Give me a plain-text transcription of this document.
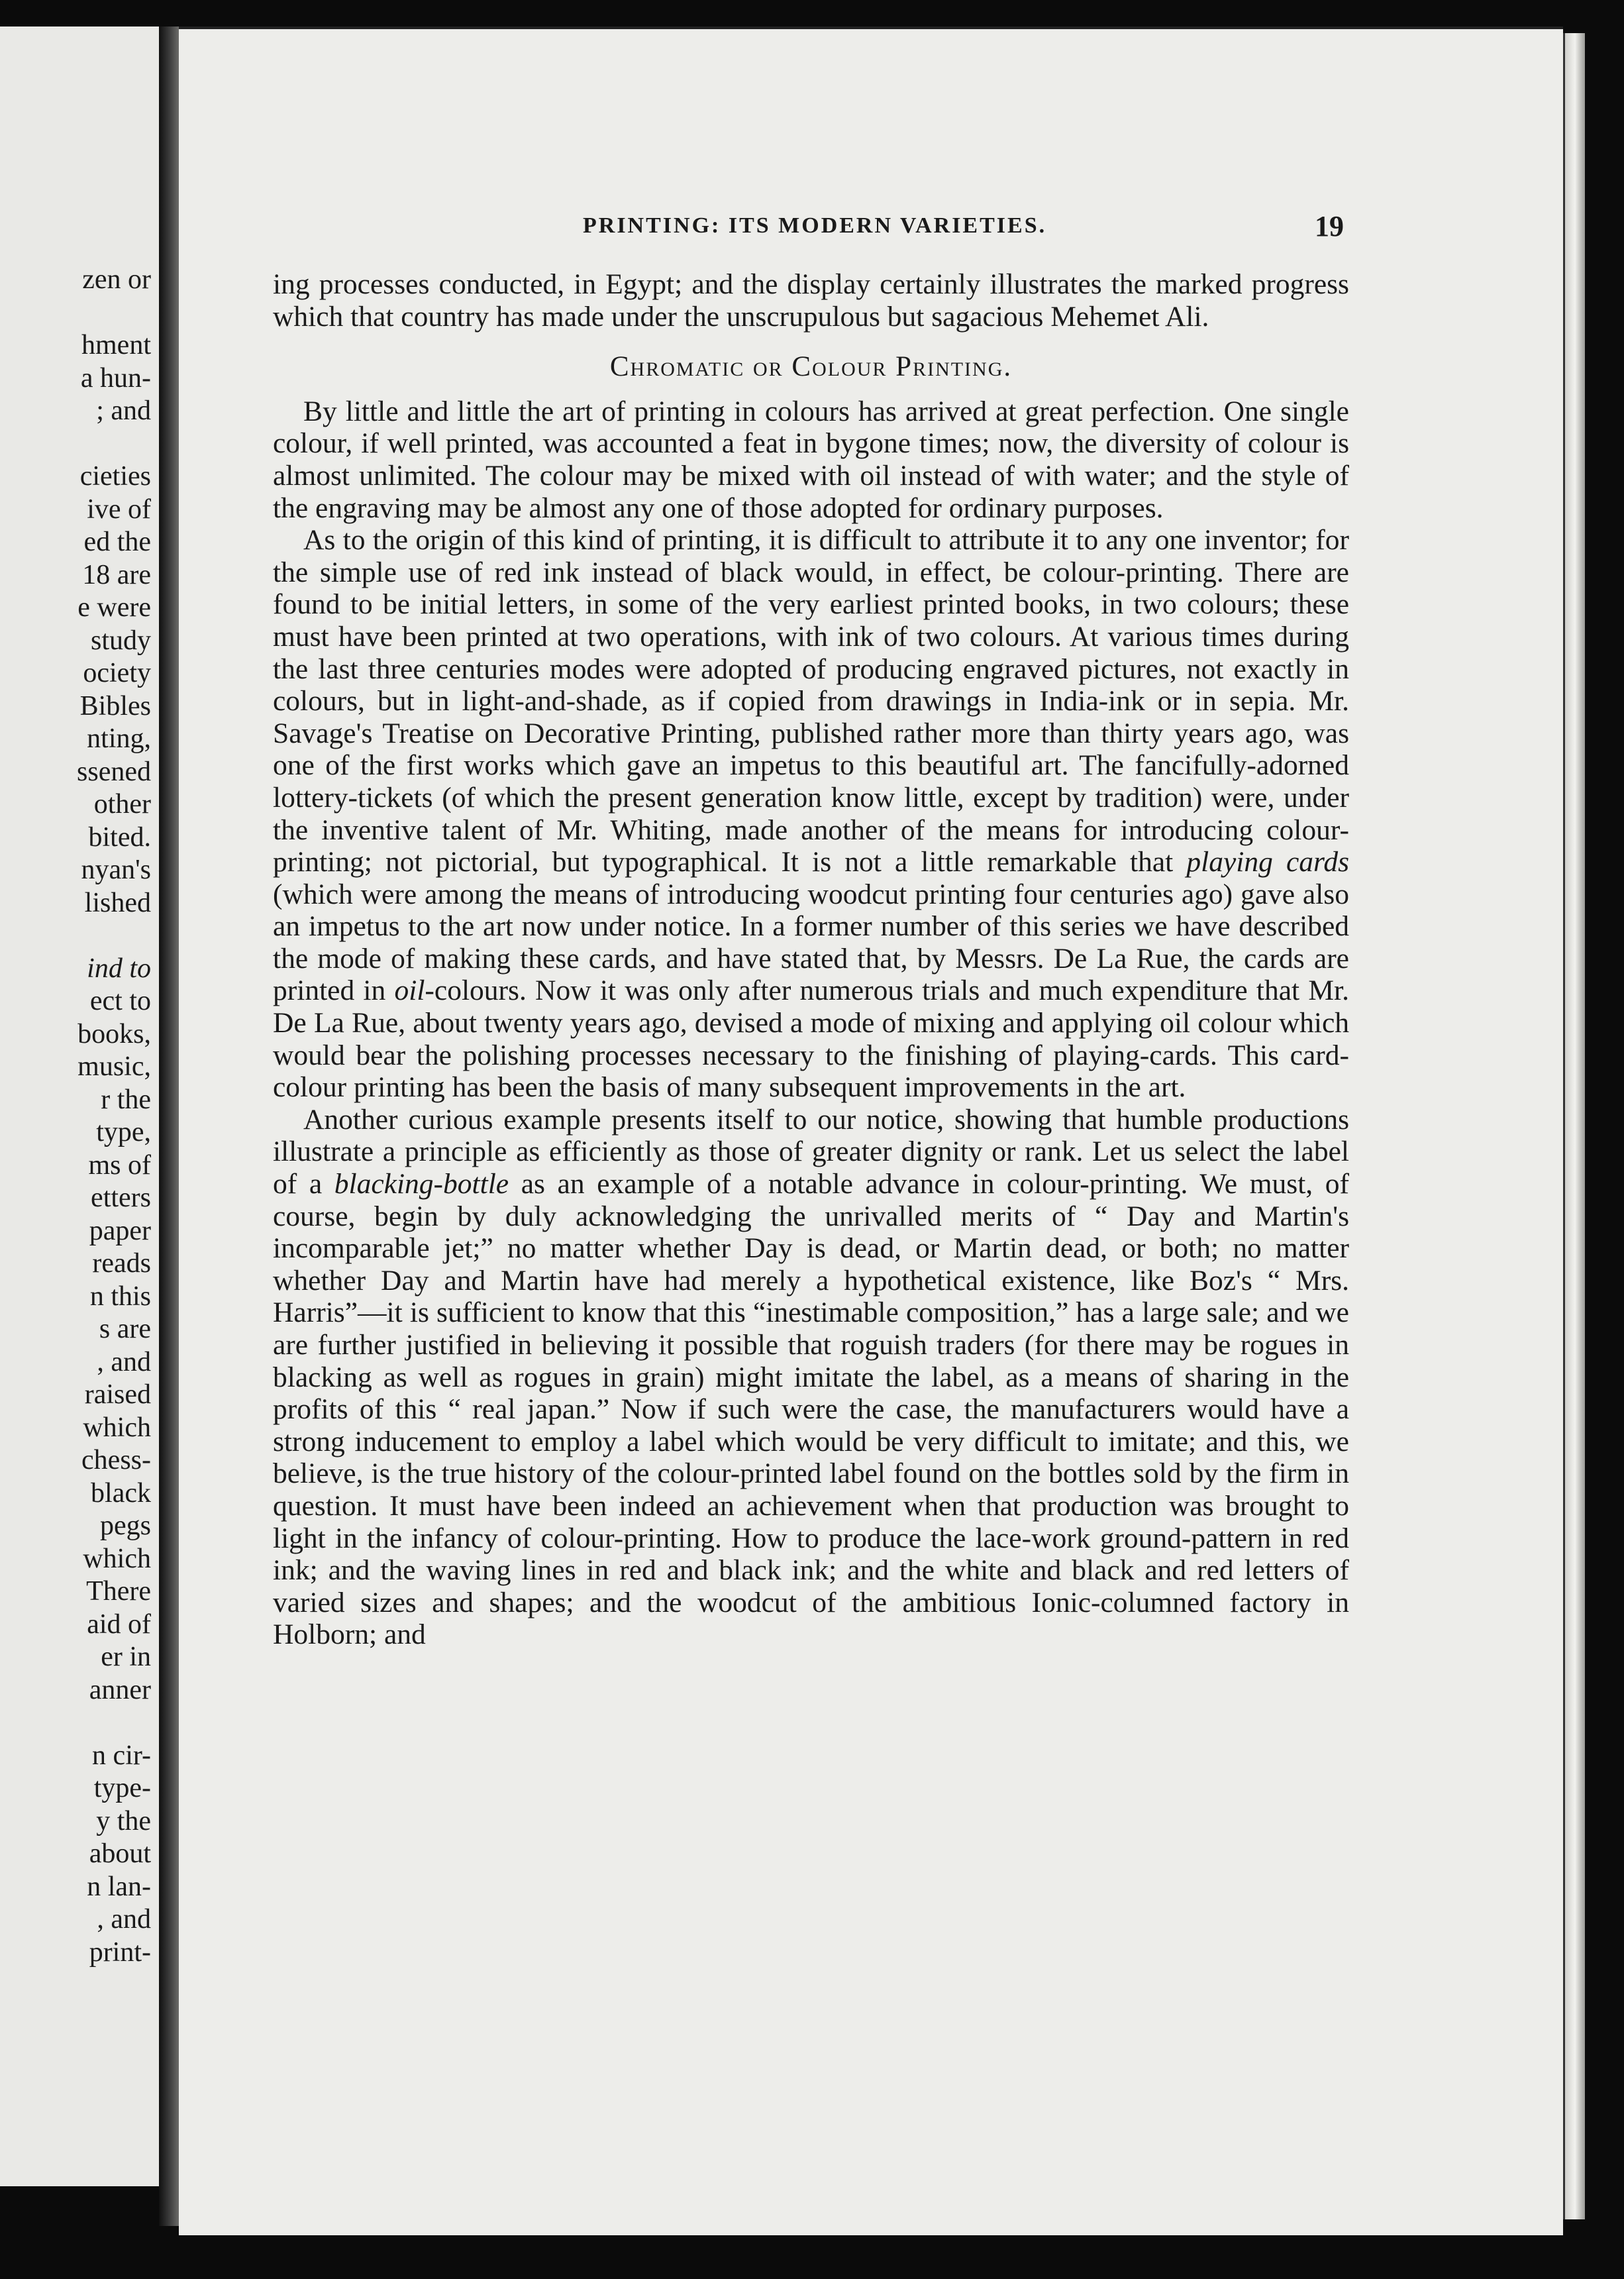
zen or
hment
a hun-
; and
cieties
ive of
ed the
18 are
e were
study
ociety
Bibles
nting,
ssened
other
bited.
nyan's
lished
ind to
ect to
books,
music,
r the
type,
ms of
etters
paper
reads
n this
s are
, and
raised
which
chess-
black
pegs
which
There
aid of
er in
anner
n cir-
type-
y the
about
n lan-
, and
print-
PRINTING: ITS MODERN VARIETIES.	19

ing processes conducted, in Egypt; and the display certainly illustrates the marked progress which that country has made under the unscrupulous but sagacious Mehemet Ali.

Chromatic or Colour Printing.

By little and little the art of printing in colours has arrived at great perfection. One single colour, if well printed, was accounted a feat in bygone times; now, the diversity of colour is almost unlimited. The colour may be mixed with oil instead of with water; and the style of the engraving may be almost any one of those adopted for ordinary purposes.

As to the origin of this kind of printing, it is difficult to attribute it to any one inventor; for the simple use of red ink instead of black would, in effect, be colour-printing. There are found to be initial letters, in some of the very earliest printed books, in two colours; these must have been printed at two operations, with ink of two colours. At various times during the last three centuries modes were adopted of producing engraved pictures, not exactly in colours, but in light-and-shade, as if copied from drawings in India-ink or in sepia. Mr. Savage's Treatise on Decorative Printing, published rather more than thirty years ago, was one of the first works which gave an impetus to this beautiful art. The fancifully-adorned lottery-tickets (of which the present generation know little, except by tradition) were, under the inventive talent of Mr. Whiting, made another of the means for introducing colour-printing; not pictorial, but typographical. It is not a little remarkable that playing cards (which were among the means of introducing woodcut printing four centuries ago) gave also an impetus to the art now under notice. In a former number of this series we have described the mode of making these cards, and have stated that, by Messrs. De La Rue, the cards are printed in oil-colours. Now it was only after numerous trials and much expenditure that Mr. De La Rue, about twenty years ago, devised a mode of mixing and applying oil colour which would bear the polishing processes necessary to the finishing of playing-cards. This card-colour printing has been the basis of many subsequent improvements in the art.

Another curious example presents itself to our notice, showing that humble productions illustrate a principle as efficiently as those of greater dignity or rank. Let us select the label of a blacking-bottle as an example of a notable advance in colour-printing. We must, of course, begin by duly acknowledging the unrivalled merits of “ Day and Martin's incomparable jet;” no matter whether Day is dead, or Martin dead, or both; no matter whether Day and Martin have had merely a hypothetical existence, like Boz's “ Mrs. Harris”—it is sufficient to know that this “inestimable composition,” has a large sale; and we are further justified in believing it possible that roguish traders (for there may be rogues in blacking as well as rogues in grain) might imitate the label, as a means of sharing in the profits of this “ real japan.” Now if such were the case, the manufacturers would have a strong inducement to employ a label which would be very difficult to imitate; and this, we believe, is the true history of the colour-printed label found on the bottles sold by the firm in question. It must have been indeed an achievement when that production was brought to light in the infancy of colour-printing. How to produce the lace-work ground-pattern in red ink; and the waving lines in red and black ink; and the white and black and red letters of varied sizes and shapes; and the woodcut of the ambitious Ionic-columned factory in Holborn; and
